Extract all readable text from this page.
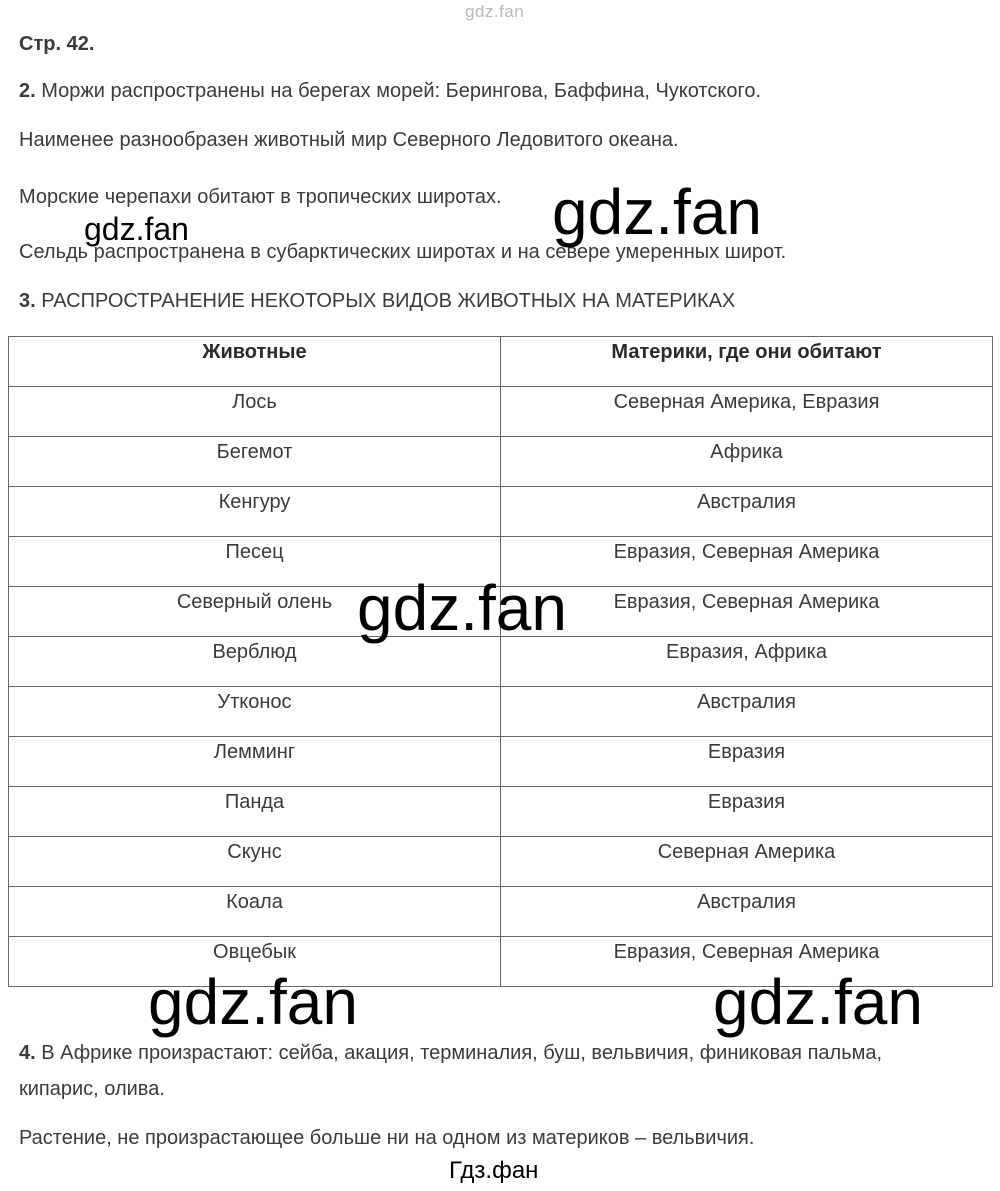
gdz.fan
Стр. 42.
2. Моржи распространены на берегах морей: Берингова, Баффина, Чукотского.
Наименее разнообразен животный мир Северного Ледовитого океана.
Морские черепахи обитают в тропических широтах.
Сельдь распространена в субарктических широтах и на севере умеренных широт.
3. РАСПРОСТРАНЕНИЕ НЕКОТОРЫХ ВИДОВ ЖИВОТНЫХ НА МАТЕРИКАХ
Животные	Материки, где они обитают

Лось	Северная Америка, Евразия

Бегемот	Африка

Кенгуру	Австралия

Песец	Евразия, Северная Америка

Северный олень	Евразия, Северная Америка

Верблюд	Евразия, Африка

Утконос	Австралия

Лемминг	Евразия

Панда	Евразия

Скунс	Северная Америка

Коала	Австралия

Овцебык	Евразия, Северная Америка
4. В Африке произрастают: сейба, акация, терминалия, буш, вельвичия, финиковая пальма,
кипарис, олива.
Растение, не произрастающее больше ни на одном из материков – вельвичия.
gdz.fan
gdz.fan
gdz.fan
gdz.fan	gdz.fan
Гдз.фан
